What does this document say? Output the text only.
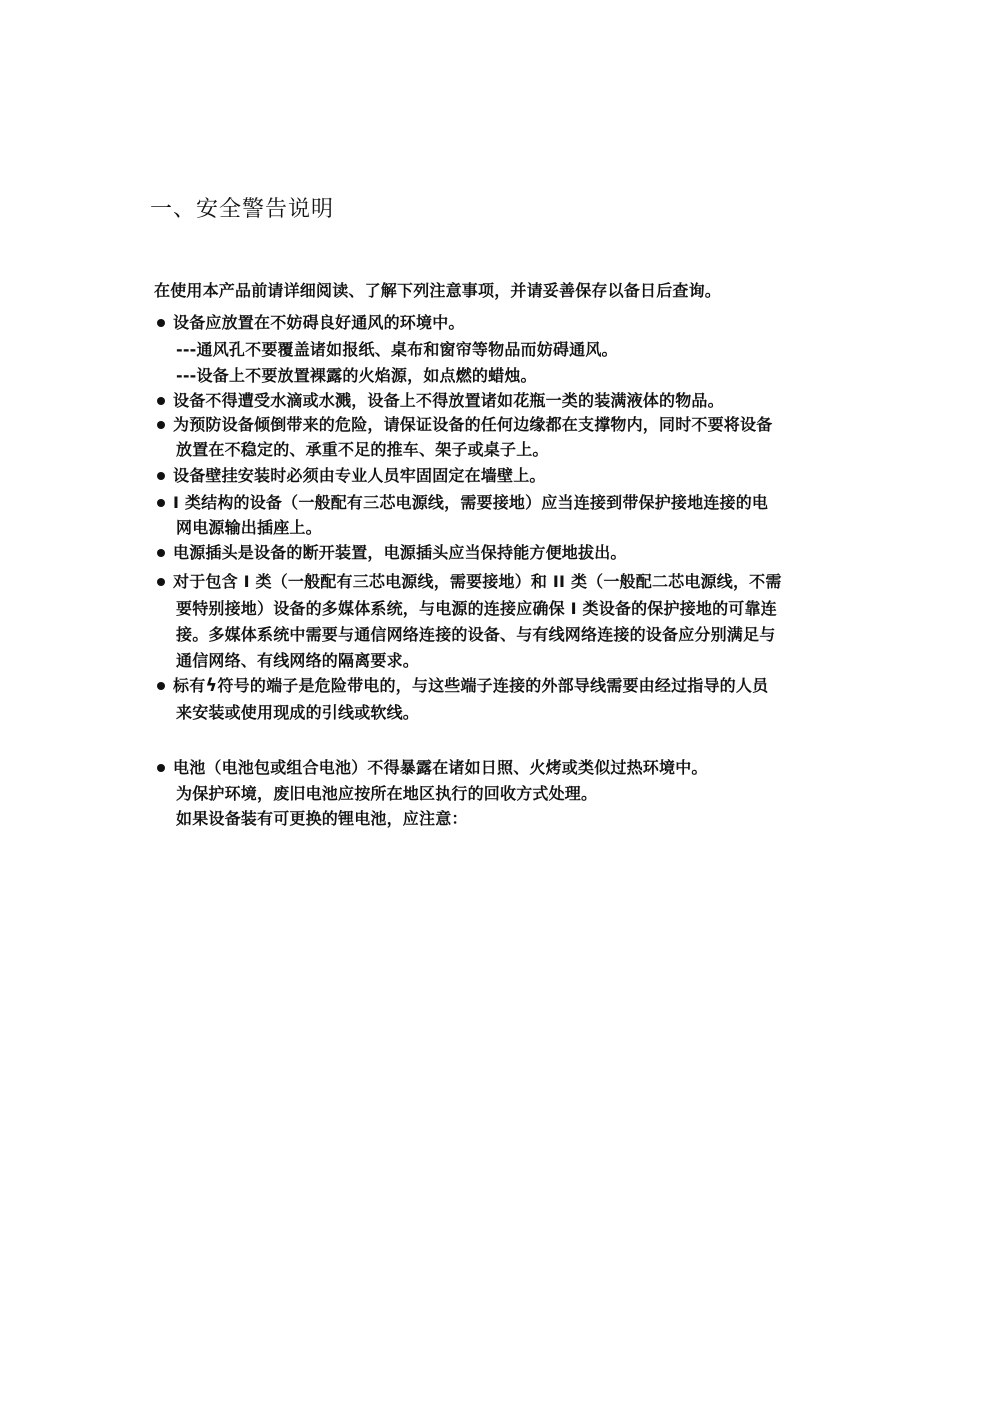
一、安全警告说明
在使用本产品前请详细阅读、了解下列注意事项，并请妥善保存以备日后查询。
设备应放置在不妨碍良好通风的环境中。
---通风孔不要覆盖诸如报纸、桌布和窗帘等物品而妨碍通风。
---设备上不要放置裸露的火焰源，如点燃的蜡烛。
设备不得遭受水滴或水溅，设备上不得放置诸如花瓶一类的装满液体的物品。
为预防设备倾倒带来的危险，请保证设备的任何边缘都在支撑物内，同时不要将设备
放置在不稳定的、承重不足的推车、架子或桌子上。
设备壁挂安装时必须由专业人员牢固固定在墙壁上。
I 类结构的设备（一般配有三芯电源线，需要接地）应当连接到带保护接地连接的电
网电源输出插座上。
电源插头是设备的断开装置，电源插头应当保持能方便地拔出。
对于包含 I 类（一般配有三芯电源线，需要接地）和 II 类（一般配二芯电源线，不需
要特别接地）设备的多媒体系统，与电源的连接应确保 I 类设备的保护接地的可靠连
接。多媒体系统中需要与通信网络连接的设备、与有线网络连接的设备应分别满足与
通信网络、有线网络的隔离要求。
标有ϟ符号的端子是危险带电的，与这些端子连接的外部导线需要由经过指导的人员
来安装或使用现成的引线或软线。
电池（电池包或组合电池）不得暴露在诸如日照、火烤或类似过热环境中。
为保护环境，废旧电池应按所在地区执行的回收方式处理。
如果设备装有可更换的锂电池，应注意：
